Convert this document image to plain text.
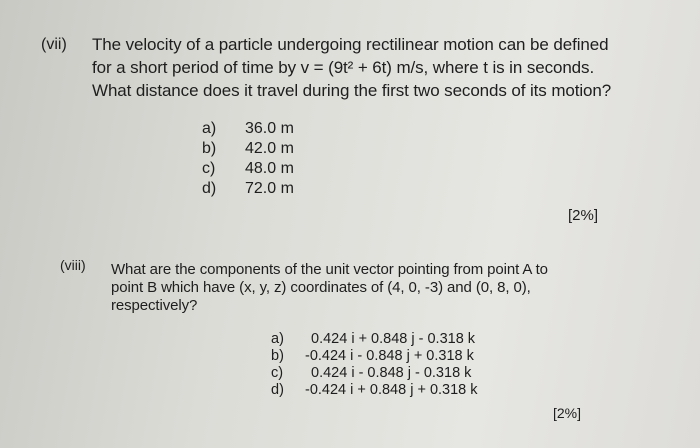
(vii) The velocity of a particle undergoing rectilinear motion can be defined
for a short period of time by v = (9t² + 6t) m/s, where t is in seconds.
What distance does it travel during the first two seconds of its motion?
a) 36.0 m
b) 42.0 m
c) 48.0 m
d) 72.0 m
[2%]
(viii) What are the components of the unit vector pointing from point A to
point B which have (x, y, z) coordinates of (4, 0, -3) and (0, 8, 0),
respectively?
a) 0.424 i + 0.848 j - 0.318 k
b) -0.424 i - 0.848 j + 0.318 k
c) 0.424 i - 0.848 j - 0.318 k
d) -0.424 i + 0.848 j + 0.318 k
[2%]
